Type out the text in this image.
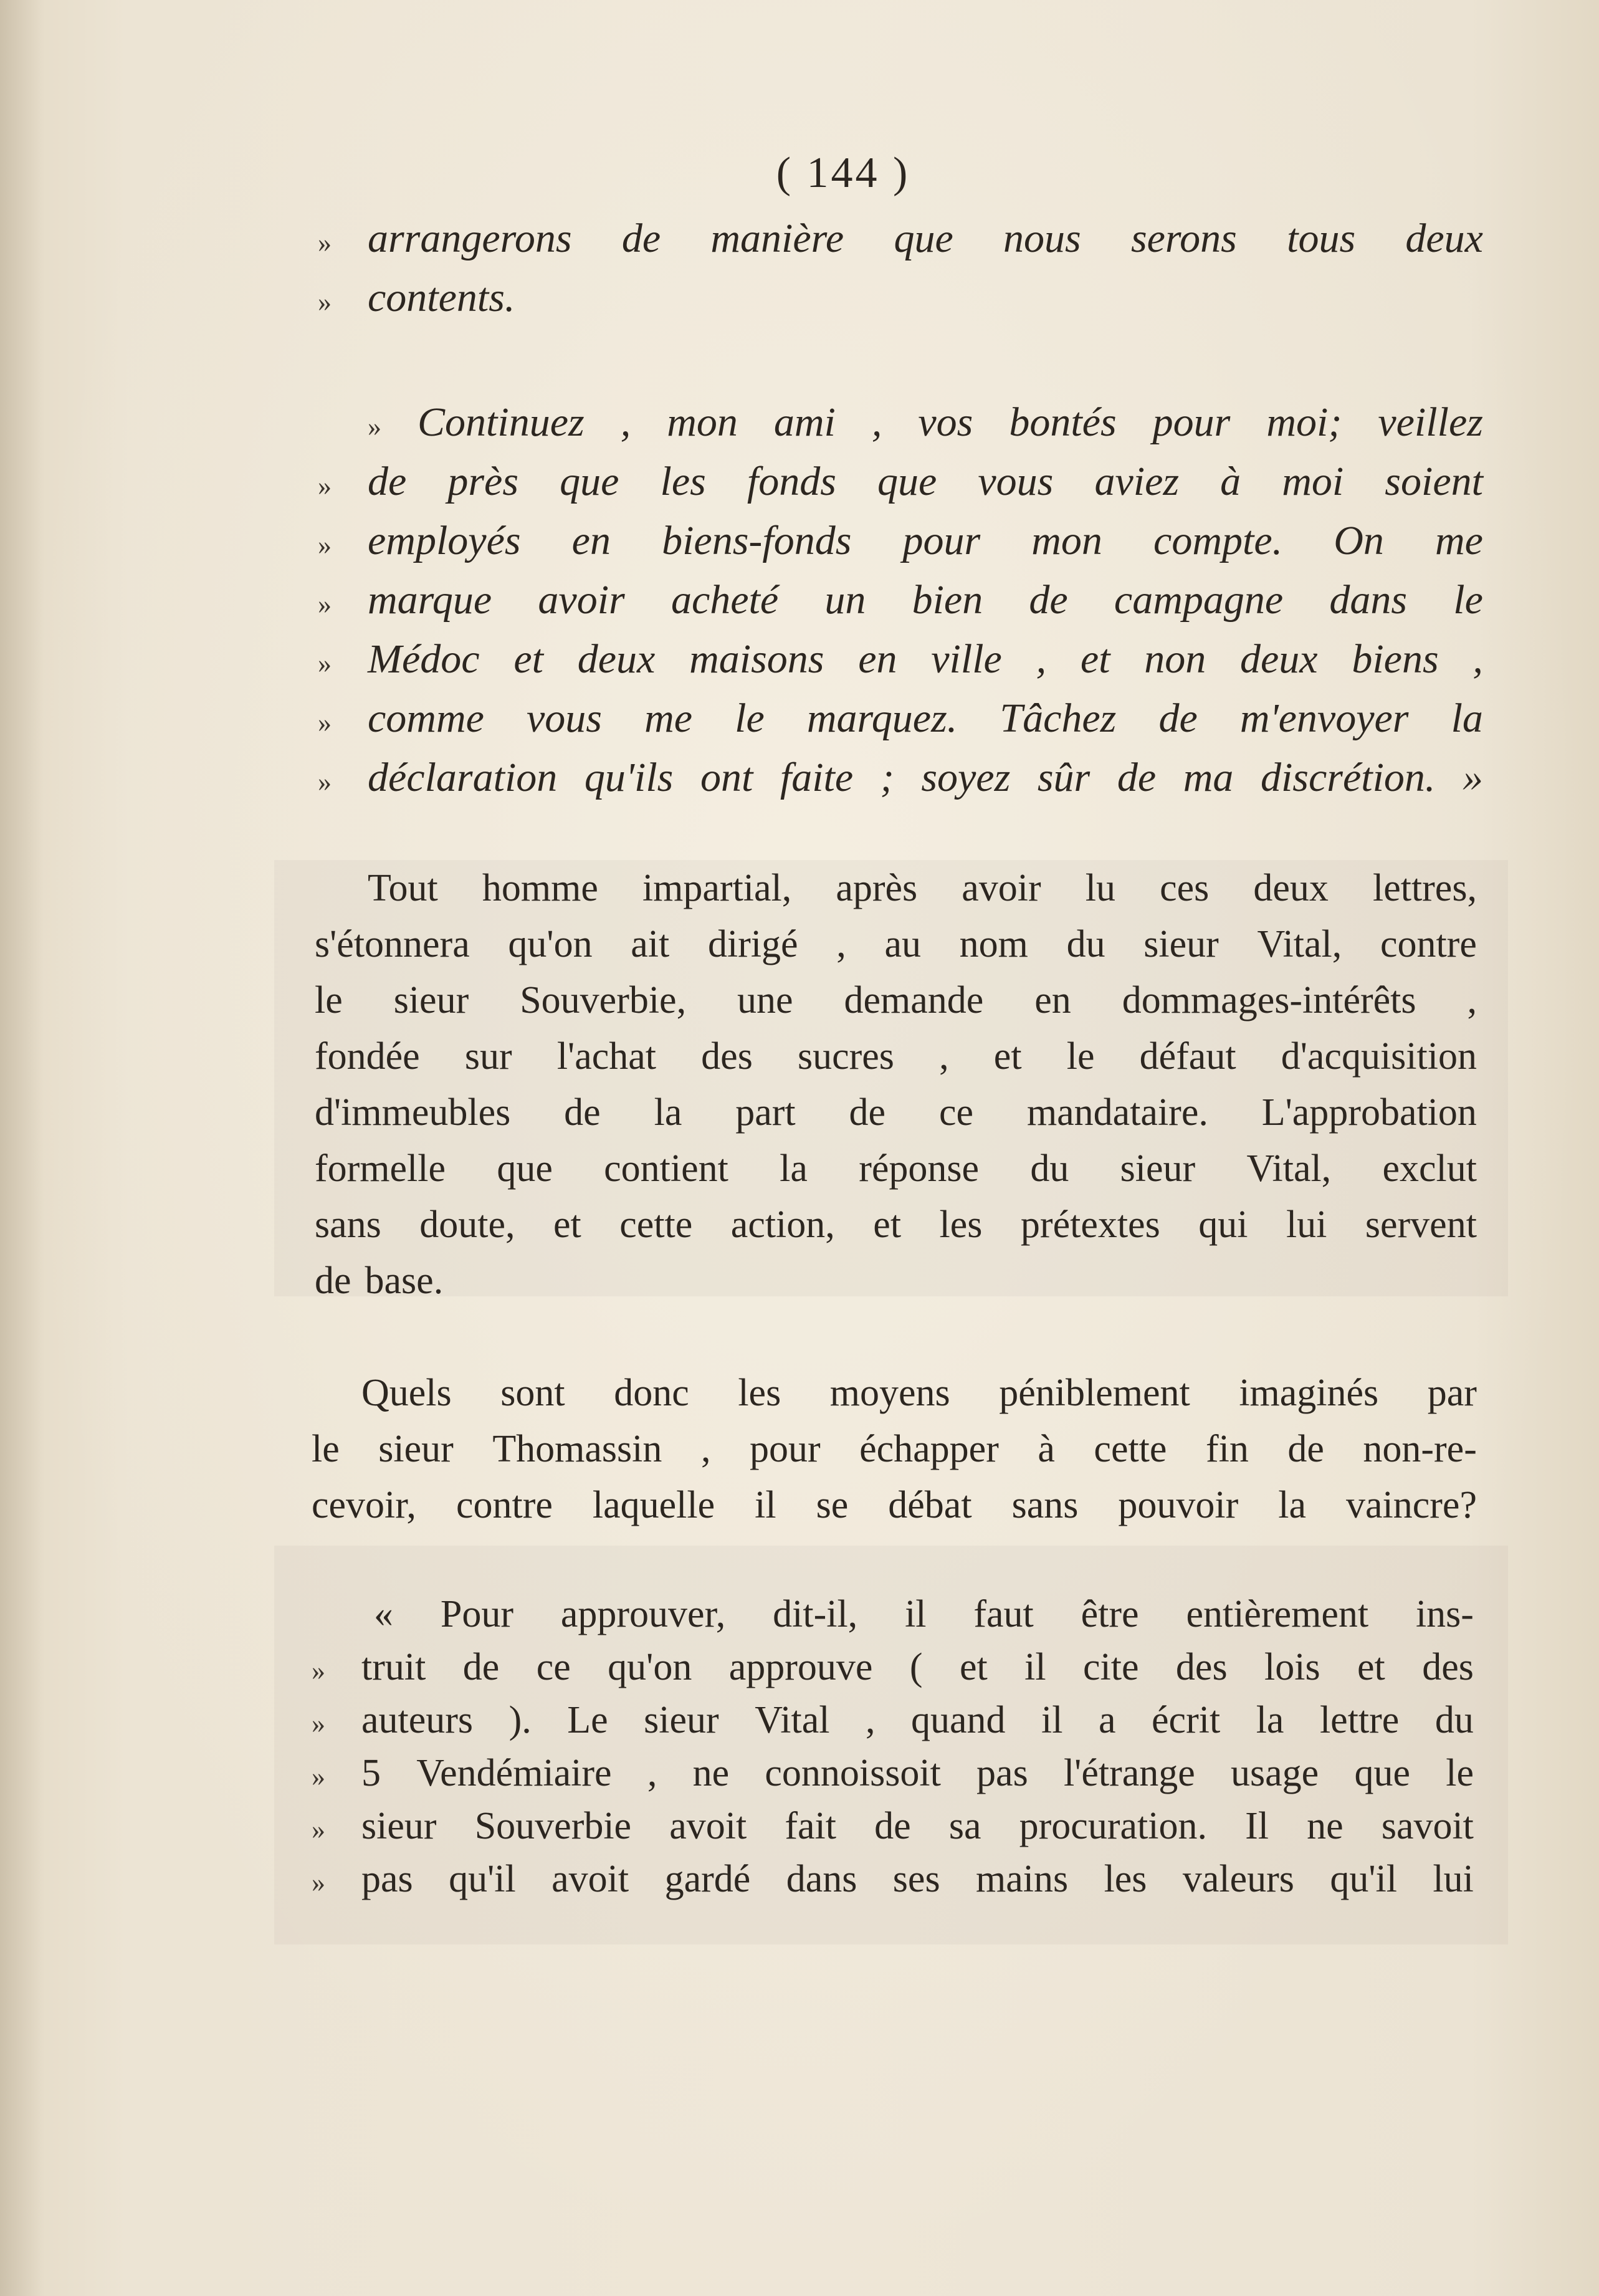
( 144 )
» arrangerons de manière que nous serons tous deux
» contents.
» Continuez , mon ami , vos bontés pour moi; veillez
» de près que les fonds que vous aviez à moi soient
» employés en biens-fonds pour mon compte. On me
» marque avoir acheté un bien de campagne dans le
» Médoc et deux maisons en ville , et non deux biens ,
» comme vous me le marquez. Tâchez de m'envoyer la
» déclaration qu'ils ont faite ; soyez sûr de ma discrétion. »
Tout homme impartial, après avoir lu ces deux lettres,
s'étonnera qu'on ait dirigé , au nom du sieur Vital, contre
le sieur Souverbie, une demande en dommages-intérêts ,
fondée sur l'achat des sucres , et le défaut d'acquisition
d'immeubles de la part de ce mandataire. L'approbation
formelle que contient la réponse du sieur Vital, exclut
sans doute, et cette action, et les prétextes qui lui servent
de base.
Quels sont donc les moyens péniblement imaginés par
le sieur Thomassin , pour échapper à cette fin de non-re-
cevoir, contre laquelle il se débat sans pouvoir la vaincre?
« Pour approuver, dit-il, il faut être entièrement ins-
» truit de ce qu'on approuve ( et il cite des lois et des
» auteurs ). Le sieur Vital , quand il a écrit la lettre du
» 5 Vendémiaire , ne connoissoit pas l'étrange usage que le
» sieur Souverbie avoit fait de sa procuration. Il ne savoit
» pas qu'il avoit gardé dans ses mains les valeurs qu'il lui
